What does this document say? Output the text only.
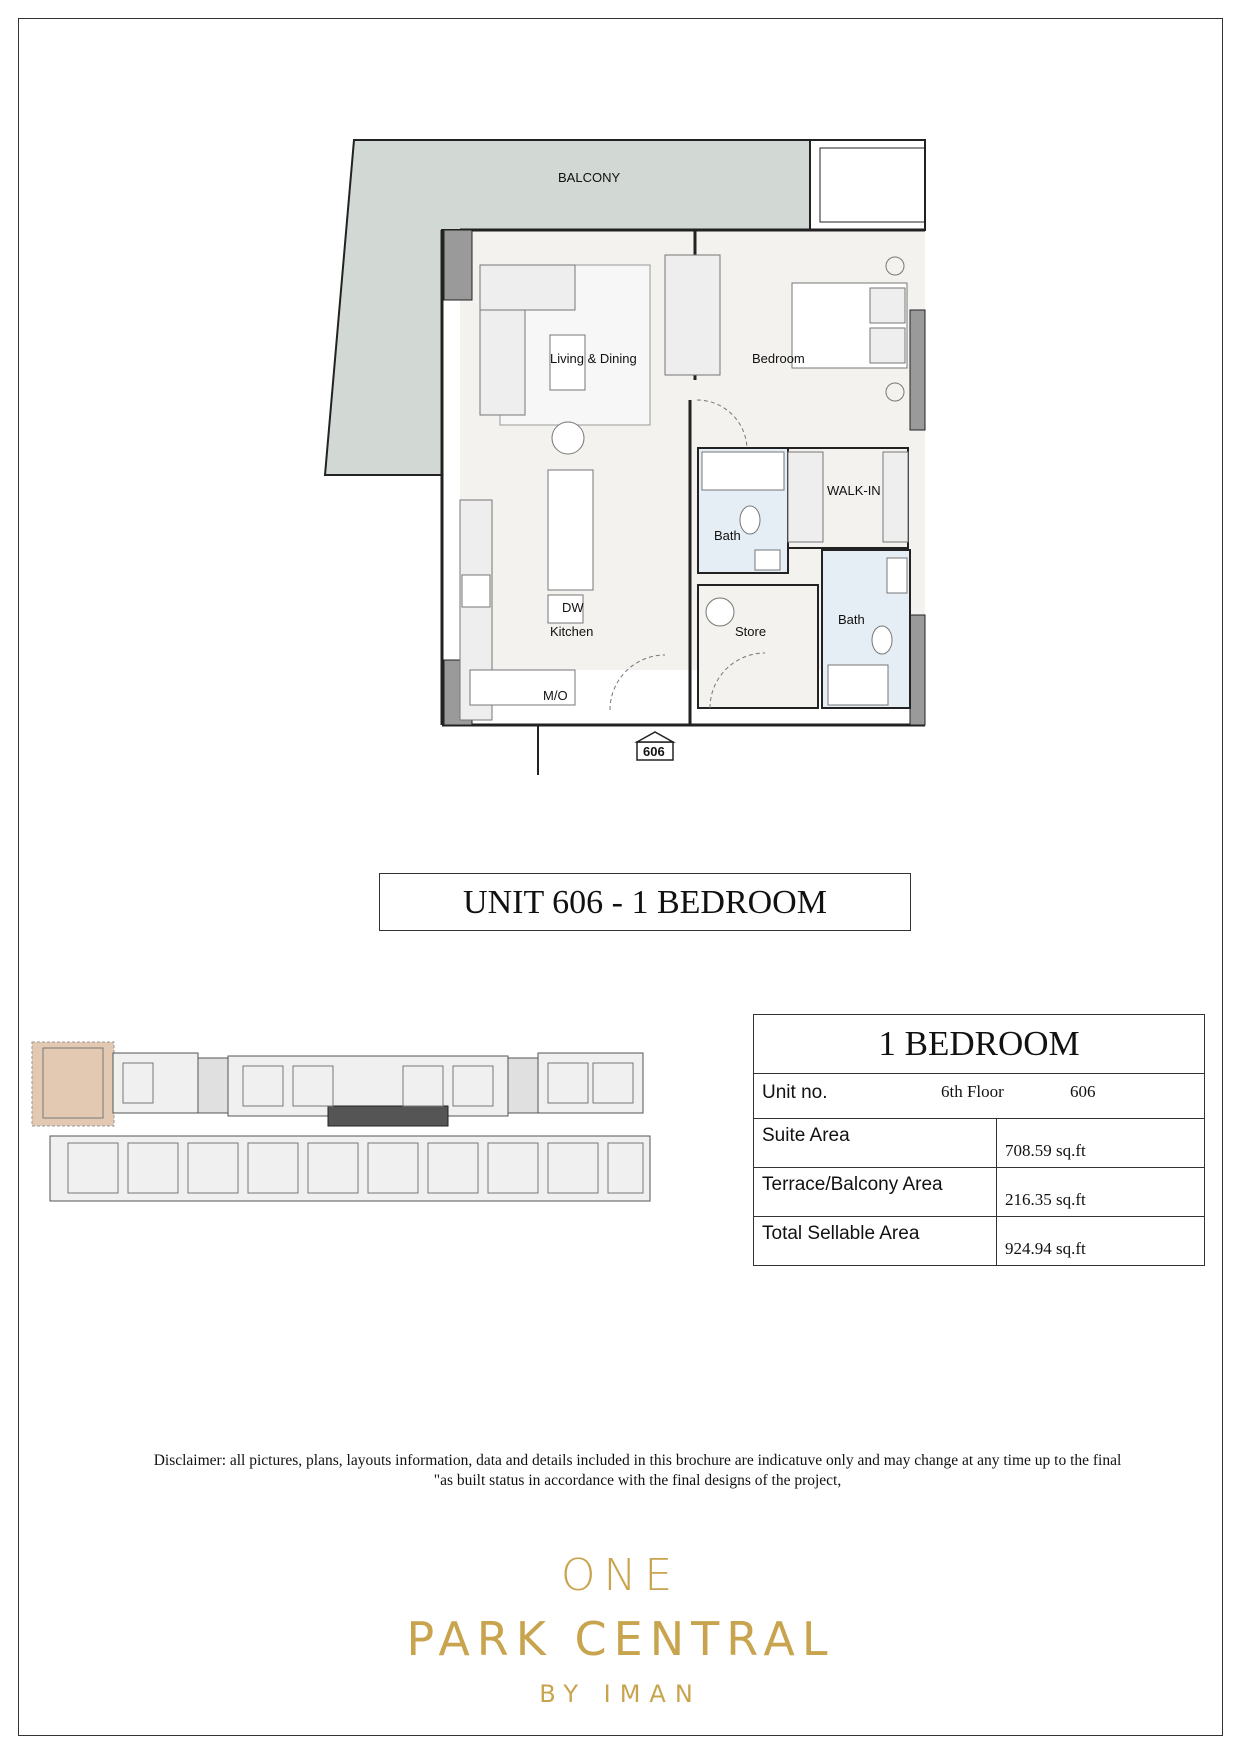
BALCONY
Living & Dining	Bedroom
WALK-IN
Bath
Bath
Kitchen	Store
DW
M/O
606
UNIT 606 - 1 BEDROOM
1 BEDROOM	

Unit no. 6th Floor 606	

Suite Area	708.59 sq.ft
Terrace/Balcony Area	216.35 sq.ft
Total Sellable Area	924.94 sq.ft
Disclaimer: all pictures, plans, layouts information, data and details included in this brochure are indicatuve only and may change at any time up to the final
"as built status in accordance with the final designs of the project,
ONE
PARK CENTRAL
BY IMAN
